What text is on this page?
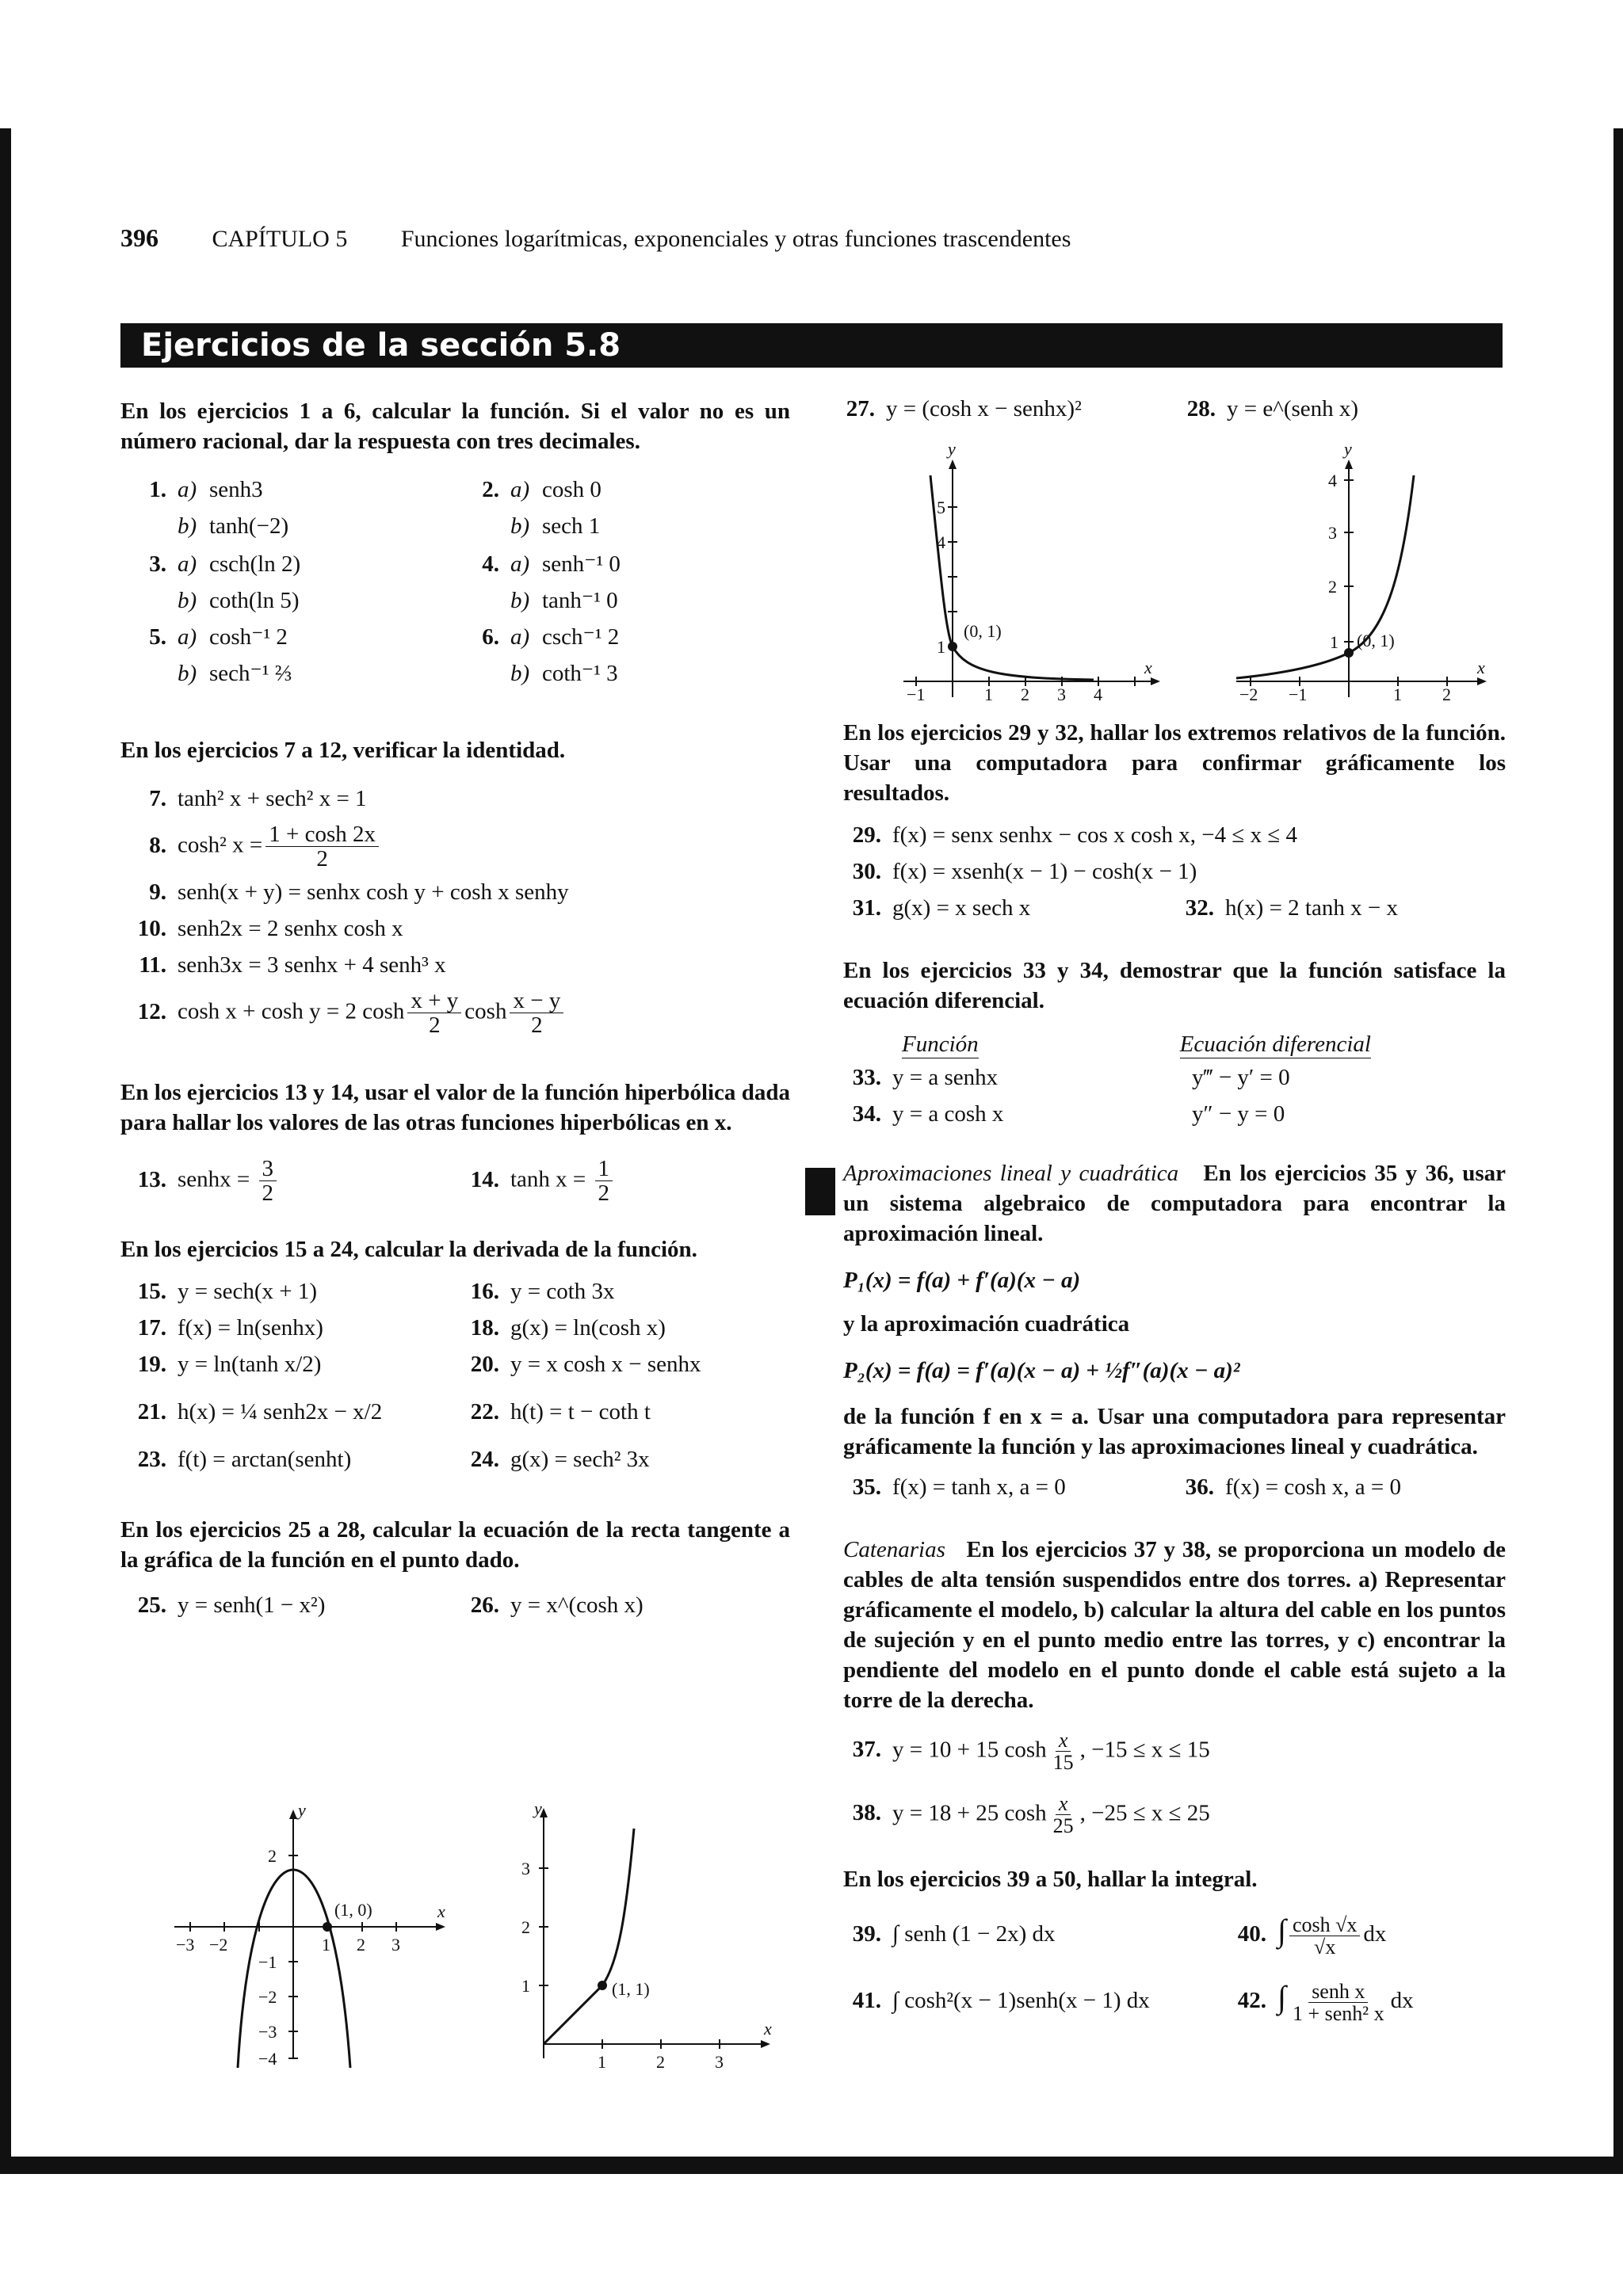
396 CAPÍTULO 5 Funciones logarítmicas, exponenciales y otras funciones trascendentes
Ejercicios de la sección 5.8

En los ejercicios 1 a 6, calcular la función. Si el valor no es un número racional, dar la respuesta con tres decimales.

1. a) senh3	2. a) cosh 0
b) tanh(−2)	b) sech 1
3. a) csch(ln 2)	4. a) senh⁻¹ 0
b) coth(ln 5)	b) tanh⁻¹ 0
5. a) cosh⁻¹ 2	6. a) csch⁻¹ 2
b) sech⁻¹ ⅔	b) coth⁻¹ 3

En los ejercicios 7 a 12, verificar la identidad.

7. tanh² x + sech² x = 1
8. cosh² $x = \frac{1 + \cosh 2x}{2}$
9. senh(x + y) = senhx cosh y + cosh x senhy
10. senh2x = 2 senhx cosh x
11. senh3x = 3 senhx + 4 senh³ x
12. cosh x + cosh y = 2 $\cosh \frac{x + y}{2}$ $\cosh \frac{x - y}{2}$

En los ejercicios 13 y 14, usar el valor de la función hiperbólica dada para hallar los valores de las otras funciones hiperbólicas en x.

13. senhx = $\frac{3}{2}$	14. $\tanh x = \frac{1}{2}$

En los ejercicios 15 a 24, calcular la derivada de la función.

15. y = sech(x + 1)	16. y = coth 3x
17. f(x) = ln(senhx)	18. g(x) = ln(cosh x)
19. y = ln(tanh x/2)	20. y = x cosh x − senhx
21. h(x) = ¼ senh2x − x/2	22. h(t) = t − coth t
23. f(t) = arctan(senht)	24. g(x) = sech² 3x

En los ejercicios 25 a 28, calcular la ecuación de la recta tangente a la gráfica de la función en el punto dado.

25. y = senh(1 − x²)	26. y = x^(cosh x)
y
x
(1, 0)
−3 −2	1 2 3
2
−1
−2
−3
−4
y
x
(1, 1)
1	2	3
1
2
3
27. y = (cosh x − senhx)²	28. y = e^(senh x)

En los ejercicios 29 y 32, hallar los extremos relativos de la función. Usar una computadora para confirmar gráficamente los resultados.

29. f(x) = senx senhx − cos x cosh x, −4 ≤ x ≤ 4
30. f(x) = xsenh(x − 1) − cosh(x − 1)
31. g(x) = x sech x	32. h(x) = 2 tanh x − x

En los ejercicios 33 y 34, demostrar que la función satisface la ecuación diferencial.

Función	Ecuación diferencial
33. y = a senhx	y‴ − y′ = 0
34. y = a cosh x	y″ − y = 0

Aproximaciones lineal y cuadrática En los ejercicios 35 y 36, usar un sistema algebraico de computadora para encontrar la aproximación lineal.

P₁(x) = f(a) + f′(a)(x − a)
y la aproximación cuadrática
P₂(x) = f(a) = f′(a)(x − a) + ½f″(a)(x − a)²

de la función f en x = a. Usar una computadora para representar gráficamente la función y las aproximaciones lineal y cuadrática.

35. f(x) = tanh x, a = 0	36. f(x) = cosh x, a = 0

Catenarias En los ejercicios 37 y 38, se proporciona un modelo de cables de alta tensión suspendidos entre dos torres. a) Representar gráficamente el modelo, b) calcular la altura del cable en los puntos de sujeción y en el punto medio entre las torres, y c) encontrar la pendiente del modelo en el punto donde el cable está sujeto a la torre de la derecha.

37. y = 10 + 15 $\cosh \frac{x}{15}$ , −15 ≤ x ≤ 15
38. y = 18 + 25 $\cosh \frac{x}{25}$ , −25 ≤ x ≤ 25

En los ejercicios 39 a 50, hallar la integral.

39. ∫ senh (1 − 2x) dx	40. ∫ $\frac{\cosh √x}{√x}$ dx
41. ∫ cosh²(x − 1)senh(x − 1) dx	42. ∫ $\frac{\text{senh x}}{\text{1 + senh² x}}$ dx
y
x
(0, 1)
−1	1 2 3 4
1
4
5
y
x
(0, 1)
−2 −1	1 2
1
2
3
4
